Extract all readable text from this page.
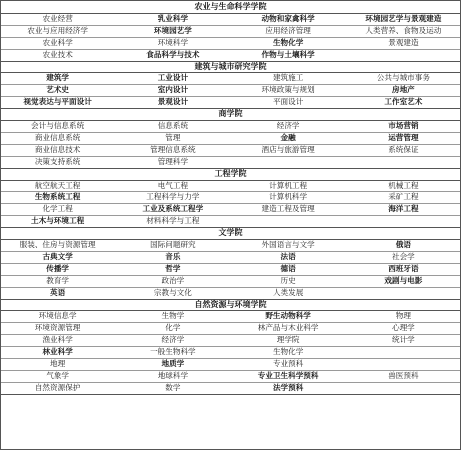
农业与生命科学学院
农业经营	乳业科学	动物和家禽科学	环境园艺学与景观建造
农业与应用经济学	环境园艺学	应用经济管理	人类营养、食物及运动
农业科学	环境科学	生物化学	景观建造
农业技术	食品科学与技术	作物与土壤科学
建筑与城市研究学院
建筑学	工业设计	建筑施工	公共与城市事务
艺术史	室内设计	环境政策与规划	房地产
视觉表达与平面设计	景观设计	平面设计	工作室艺术
商学院
会计与信息系统	信息系统	经济学	市场营销
商业信息系统	管理	金融	运营管理
商业信息技术	管理信息系统	酒店与旅游管理	系统保证
决策支持系统	管理科学
工程学院
航空航天工程	电气工程	计算机工程	机械工程
生物系统工程	工程科学与力学	计算机科学	采矿工程
化学工程	工业及系统工程学	建造工程及管理	海洋工程
土木与环境工程	材料科学与工程
文学院
服装、住房与资源管理	国际问题研究	外国语言与文学	俄语
古典文学	音乐	法语	社会学
传播学	哲学	德语	西班牙语
教育学	政治学	历史	戏剧与电影
英语	宗教与文化	人类发展
自然资源与环境学院
环境信息学	生物学	野生动物科学	物理
环境资源管理	化学	林产品与木业科学	心理学
渔业科学	经济学	理学院	统计学
林业科学	一般生物科学	生物化学
地理	地质学	专业预科
气象学	地球科学	专业卫生科学预科	兽医预科
自然资源保护	数学	法学预科
